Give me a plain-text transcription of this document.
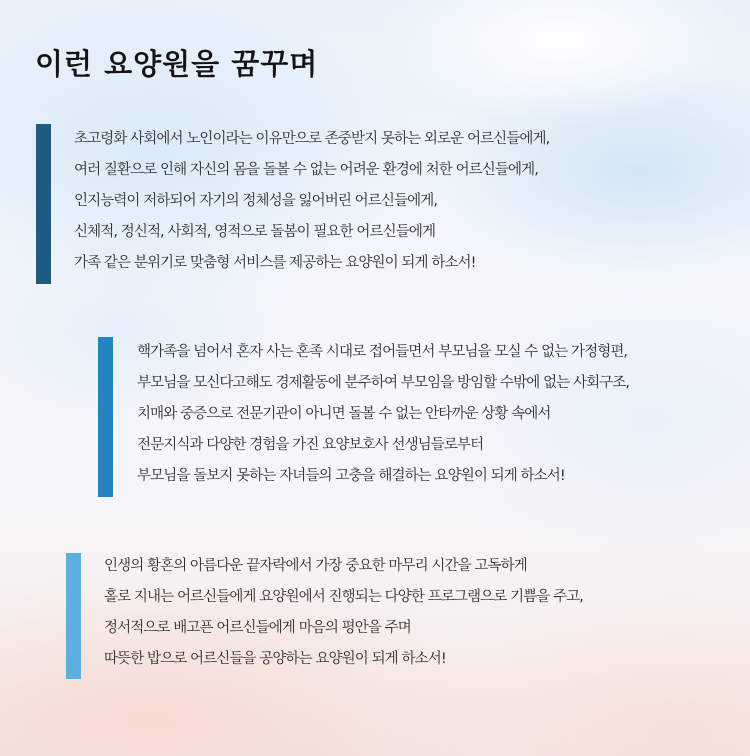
이런 요양원을 꿈꾸며
초고령화 사회에서 노인이라는 이유만으로 존중받지 못하는 외로운 어르신들에게,
여러 질환으로 인해 자신의 몸을 돌볼 수 없는 어려운 환경에 처한 어르신들에게,
인지능력이 저하되어 자기의 정체성을 잃어버린 어르신들에게,
신체적, 정신적, 사회적, 영적으로 돌봄이 필요한 어르신들에게
가족 같은 분위기로 맞춤형 서비스를 제공하는 요양원이 되게 하소서!
핵가족을 넘어서 혼자 사는 혼족 시대로 접어들면서 부모님을 모실 수 없는 가정형편,
부모님을 모신다고해도 경제활동에 분주하여 부모임을 방임할 수밖에 없는 사회구조,
치매와 중증으로 전문기관이 아니면 돌볼 수 없는 안타까운 상황 속에서
전문지식과 다양한 경험을 가진 요양보호사 선생님들로부터
부모님을 돌보지 못하는 자녀들의 고충을 해결하는 요양원이 되게 하소서!
인생의 황혼의 아름다운 끝자락에서 가장 중요한 마무리 시간을 고독하게
홀로 지내는 어르신들에게 요양원에서 진행되는 다양한 프로그램으로 기쁨을 주고,
정서적으로 배고픈 어르신들에게 마음의 평안을 주며
따뜻한 밥으로 어르신들을 공양하는 요양원이 되게 하소서!
